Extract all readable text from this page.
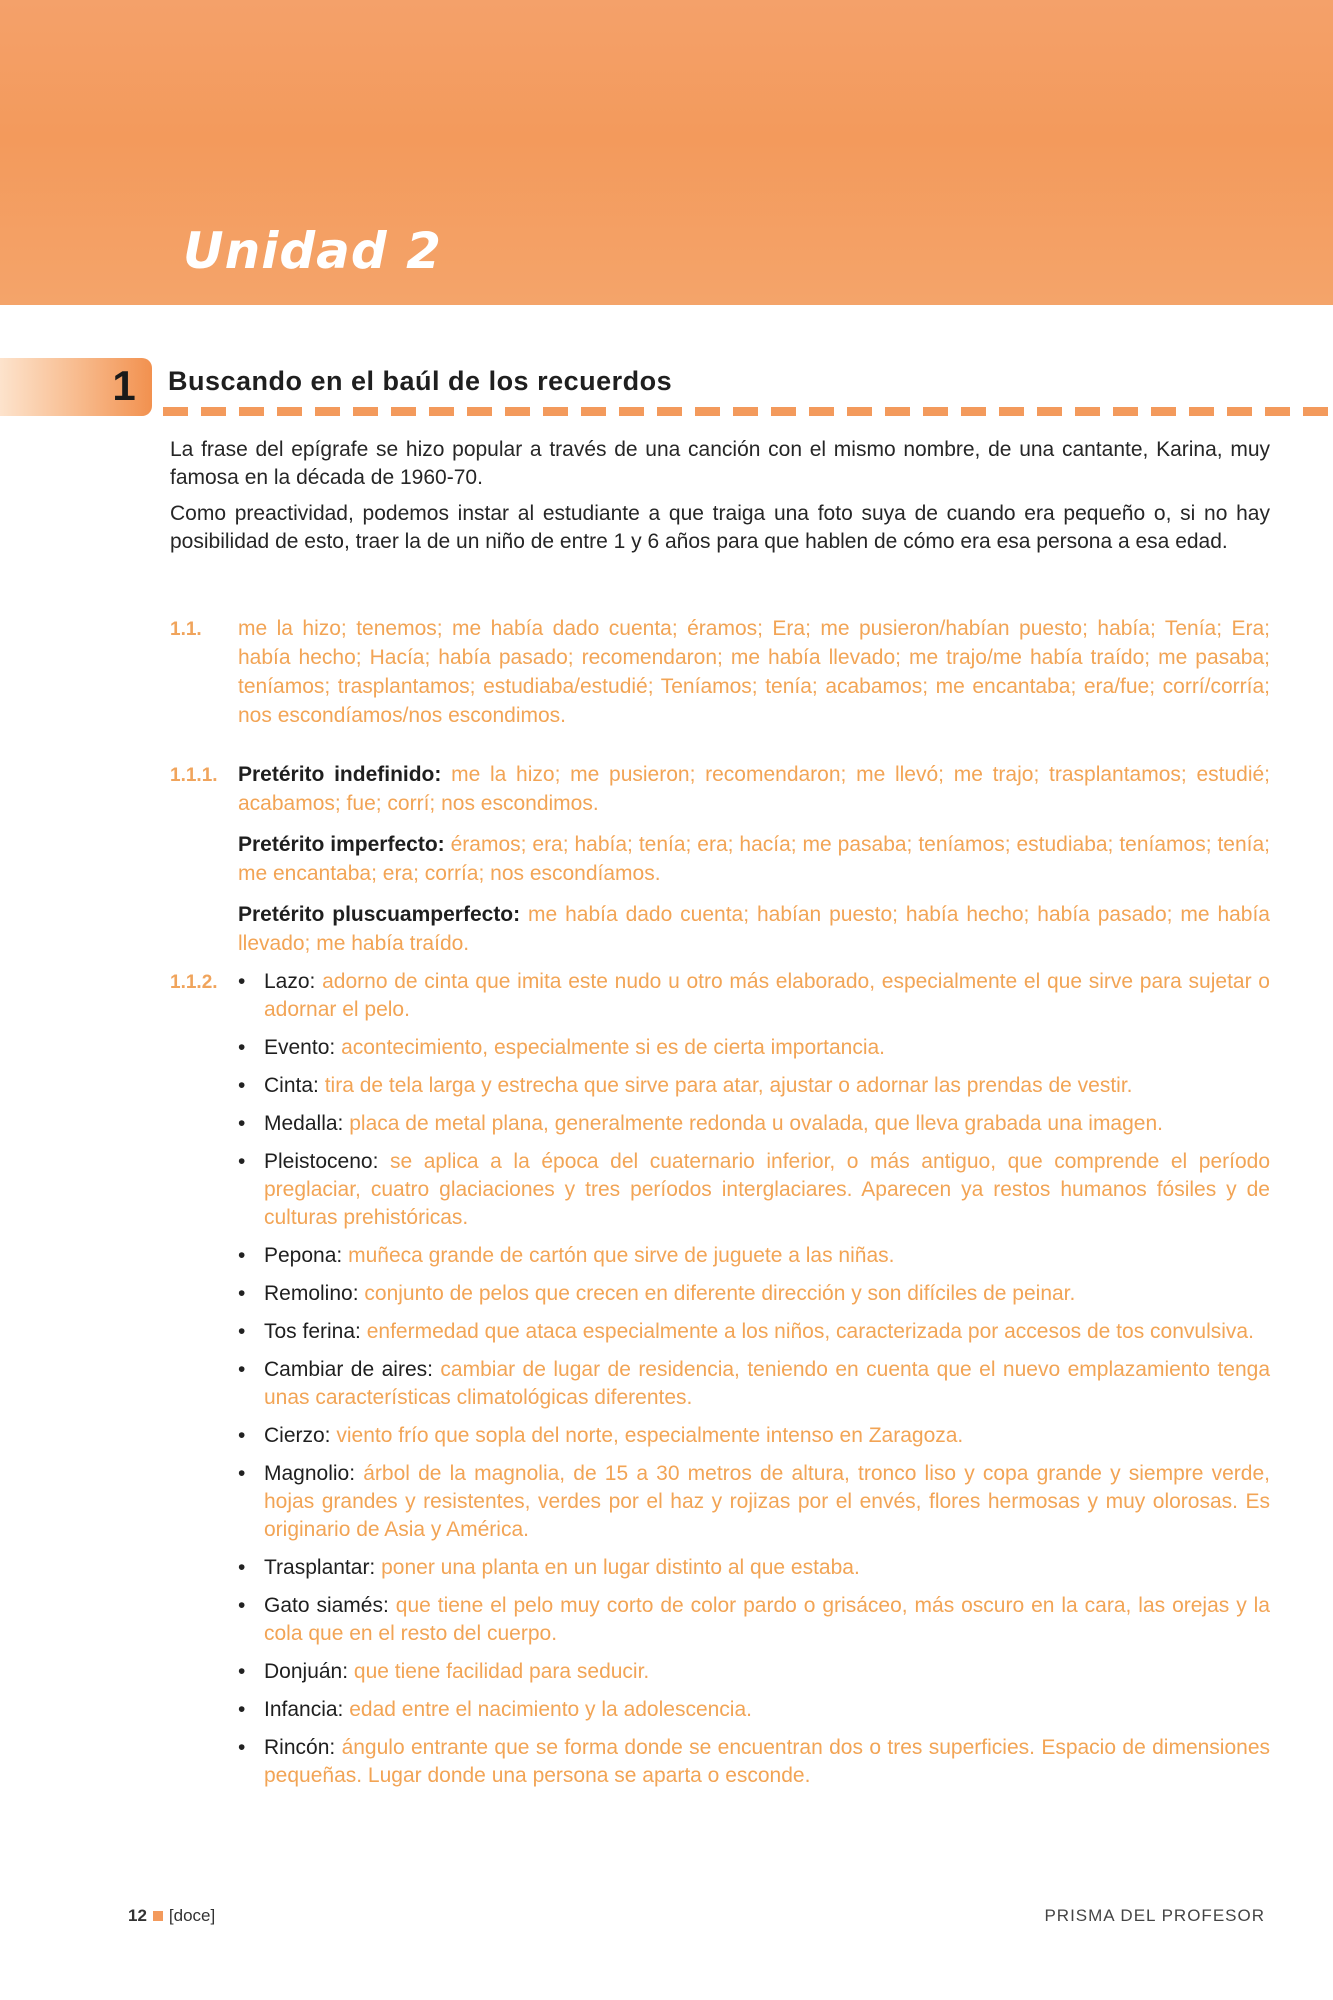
Unidad 2
1	Buscando en el baúl de los recuerdos

La frase del epígrafe se hizo popular a través de una canción con el mismo nombre, de una cantante, Karina, muy famosa en la década de 1960-70.

Como preactividad, podemos instar al estudiante a que traiga una foto suya de cuando era pequeño o, si no hay posibilidad de esto, traer la de un niño de entre 1 y 6 años para que hablen de cómo era esa persona a esa edad.

1.1. me la hizo; tenemos; me había dado cuenta; éramos; Era; me pusieron/habían puesto; había; Tenía; Era; había hecho; Hacía; había pasado; recomendaron; me había llevado; me trajo/me había traído; me pasaba; teníamos; trasplantamos; estudiaba/estudié; Teníamos; tenía; acabamos; me encantaba; era/fue; corrí/corría; nos escondíamos/nos escondimos.
1.1.1. Pretérito indefinido: me la hizo; me pusieron; recomendaron; me llevó; me trajo; trasplantamos; estudié; acabamos; fue; corrí; nos escondimos.
Pretérito imperfecto: éramos; era; había; tenía; era; hacía; me pasaba; teníamos; estudiaba; teníamos; tenía; me encantaba; era; corría; nos escondíamos.
Pretérito pluscuamperfecto: me había dado cuenta; habían puesto; había hecho; había pasado; me había llevado; me había traído.
1.1.2. • Lazo: adorno de cinta que imita este nudo u otro más elaborado, especialmente el que sirve para sujetar o adornar el pelo.
• Evento: acontecimiento, especialmente si es de cierta importancia.
• Cinta: tira de tela larga y estrecha que sirve para atar, ajustar o adornar las prendas de vestir.
• Medalla: placa de metal plana, generalmente redonda u ovalada, que lleva grabada una imagen.
• Pleistoceno: se aplica a la época del cuaternario inferior, o más antiguo, que comprende el período preglaciar, cuatro glaciaciones y tres períodos interglaciares. Aparecen ya restos humanos fósiles y de culturas prehistóricas.
• Pepona: muñeca grande de cartón que sirve de juguete a las niñas.
• Remolino: conjunto de pelos que crecen en diferente dirección y son difíciles de peinar.
• Tos ferina: enfermedad que ataca especialmente a los niños, caracterizada por accesos de tos convulsiva.
• Cambiar de aires: cambiar de lugar de residencia, teniendo en cuenta que el nuevo emplazamiento tenga unas características climatológicas diferentes.
• Cierzo: viento frío que sopla del norte, especialmente intenso en Zaragoza.
• Magnolio: árbol de la magnolia, de 15 a 30 metros de altura, tronco liso y copa grande y siempre verde, hojas grandes y resistentes, verdes por el haz y rojizas por el envés, flores hermosas y muy olorosas. Es originario de Asia y América.
• Trasplantar: poner una planta en un lugar distinto al que estaba.
• Gato siamés: que tiene el pelo muy corto de color pardo o grisáceo, más oscuro en la cara, las orejas y la cola que en el resto del cuerpo.
• Donjuán: que tiene facilidad para seducir.
• Infancia: edad entre el nacimiento y la adolescencia.
• Rincón: ángulo entrante que se forma donde se encuentran dos o tres superficies. Espacio de dimensiones pequeñas. Lugar donde una persona se aparta o esconde.
12 [doce]	PRISMA DEL PROFESOR
